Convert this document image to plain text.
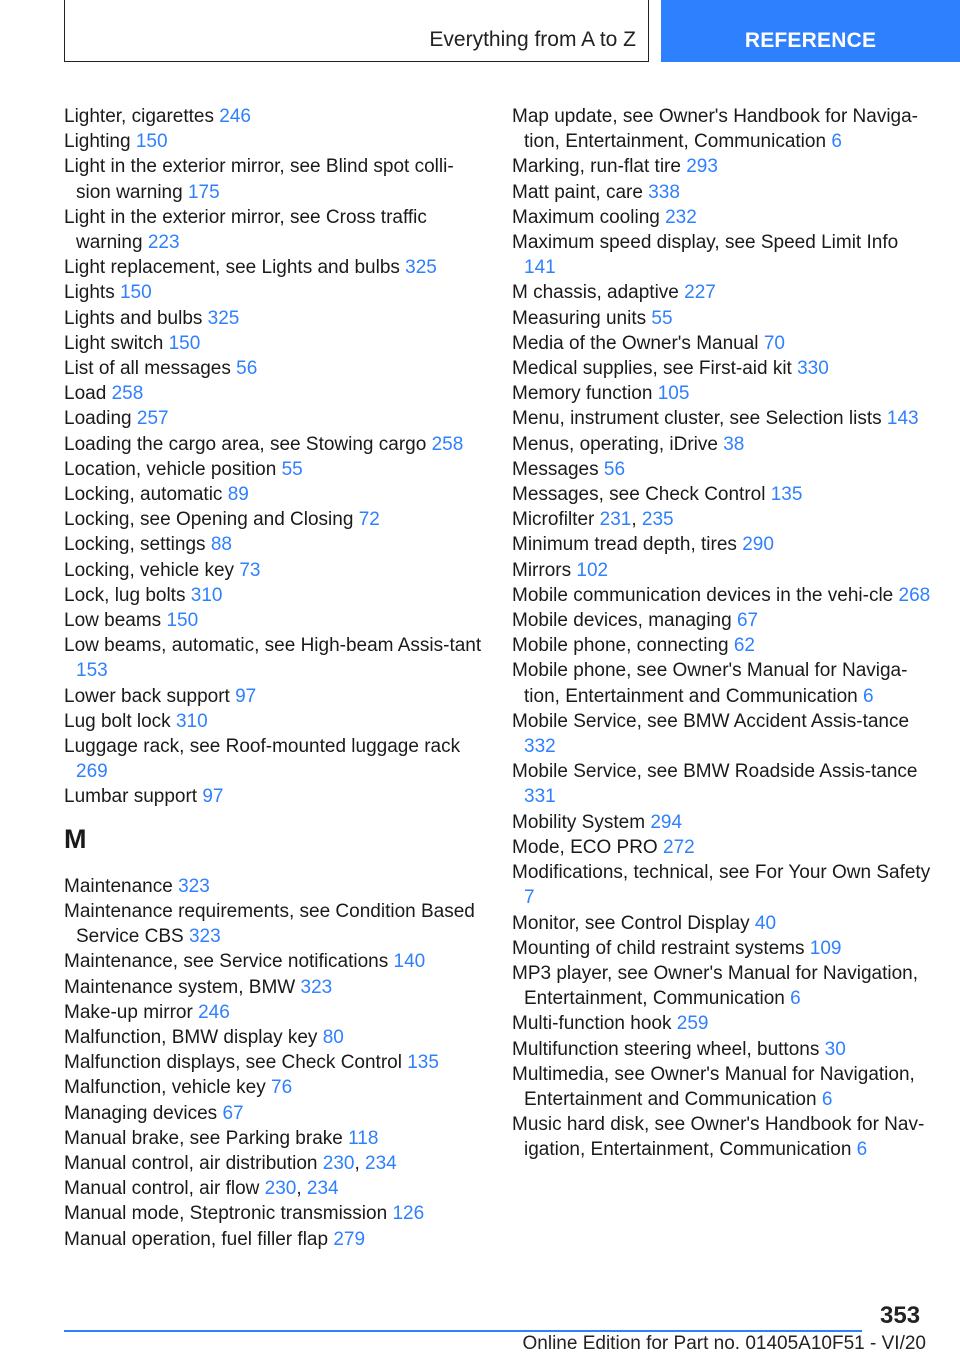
Everything from A to Z	REFERENCE
Lighter, cigarettes 246
Lighting 150
Light in the exterior mirror, see Blind spot colli-sion warning 175
Light in the exterior mirror, see Cross traffic warning 223
Light replacement, see Lights and bulbs 325
Lights 150
Lights and bulbs 325
Light switch 150
List of all messages 56
Load 258
Loading 257
Loading the cargo area, see Stowing cargo 258
Location, vehicle position 55
Locking, automatic 89
Locking, see Opening and Closing 72
Locking, settings 88
Locking, vehicle key 73
Lock, lug bolts 310
Low beams 150
Low beams, automatic, see High-beam Assis-tant 153
Lower back support 97
Lug bolt lock 310
Luggage rack, see Roof-mounted luggage rack 269
Lumbar support 97
M
Maintenance 323
Maintenance requirements, see Condition Based Service CBS 323
Maintenance, see Service notifications 140
Maintenance system, BMW 323
Make-up mirror 246
Malfunction, BMW display key 80
Malfunction displays, see Check Control 135
Malfunction, vehicle key 76
Managing devices 67
Manual brake, see Parking brake 118
Manual control, air distribution 230, 234
Manual control, air flow 230, 234
Manual mode, Steptronic transmission 126
Manual operation, fuel filler flap 279
Map update, see Owner's Handbook for Naviga-tion, Entertainment, Communication 6
Marking, run-flat tire 293
Matt paint, care 338
Maximum cooling 232
Maximum speed display, see Speed Limit Info 141
M chassis, adaptive 227
Measuring units 55
Media of the Owner's Manual 70
Medical supplies, see First-aid kit 330
Memory function 105
Menu, instrument cluster, see Selection lists 143
Menus, operating, iDrive 38
Messages 56
Messages, see Check Control 135
Microfilter 231, 235
Minimum tread depth, tires 290
Mirrors 102
Mobile communication devices in the vehi-cle 268
Mobile devices, managing 67
Mobile phone, connecting 62
Mobile phone, see Owner's Manual for Naviga-tion, Entertainment and Communication 6
Mobile Service, see BMW Accident Assis-tance 332
Mobile Service, see BMW Roadside Assis-tance 331
Mobility System 294
Mode, ECO PRO 272
Modifications, technical, see For Your Own Safety 7
Monitor, see Control Display 40
Mounting of child restraint systems 109
MP3 player, see Owner's Manual for Navigation, Entertainment, Communication 6
Multi-function hook 259
Multifunction steering wheel, buttons 30
Multimedia, see Owner's Manual for Navigation, Entertainment and Communication 6
Music hard disk, see Owner's Handbook for Nav-igation, Entertainment, Communication 6
353
Online Edition for Part no. 01405A10F51 - VI/20
